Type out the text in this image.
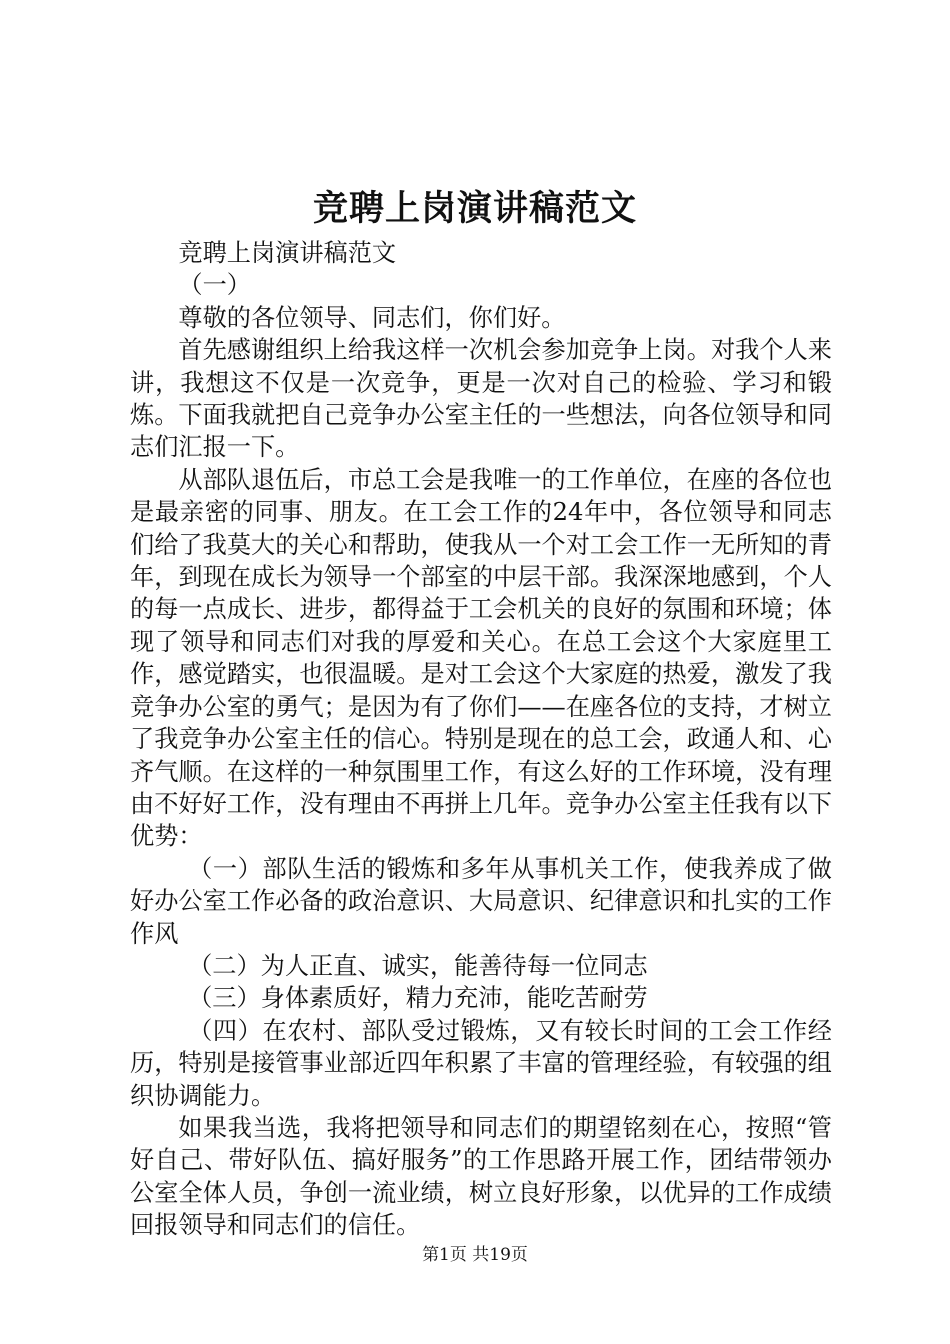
竞聘上岗演讲稿范文

竞聘上岗演讲稿范文

（一）

尊敬的各位领导、同志们，你们好。

首先感谢组织上给我这样一次机会参加竞争上岗。对我个人来讲，我想这不仅是一次竞争，更是一次对自己的检验、学习和锻炼。下面我就把自己竞争办公室主任的一些想法，向各位领导和同志们汇报一下。

从部队退伍后，市总工会是我唯一的工作单位，在座的各位也是最亲密的同事、朋友。在工会工作的24年中，各位领导和同志们给了我莫大的关心和帮助，使我从一个对工会工作一无所知的青年，到现在成长为领导一个部室的中层干部。我深深地感到，个人的每一点成长、进步，都得益于工会机关的良好的氛围和环境；体现了领导和同志们对我的厚爱和关心。在总工会这个大家庭里工作，感觉踏实，也很温暖。是对工会这个大家庭的热爱，激发了我竞争办公室的勇气；是因为有了你们——在座各位的支持，才树立了我竞争办公室主任的信心。特别是现在的总工会，政通人和、心齐气顺。在这样的一种氛围里工作，有这么好的工作环境，没有理由不好好工作，没有理由不再拼上几年。竞争办公室主任我有以下优势：

（一）部队生活的锻炼和多年从事机关工作，使我养成了做好办公室工作必备的政治意识、大局意识、纪律意识和扎实的工作作风

（二）为人正直、诚实，能善待每一位同志

（三）身体素质好，精力充沛，能吃苦耐劳

（四）在农村、部队受过锻炼，又有较长时间的工会工作经历，特别是接管事业部近四年积累了丰富的管理经验，有较强的组织协调能力。

如果我当选，我将把领导和同志们的期望铭刻在心，按照“管好自己、带好队伍、搞好服务”的工作思路开展工作，团结带领办公室全体人员，争创一流业绩，树立良好形象，以优异的工作成绩回报领导和同志们的信任。

第1页 共19页
